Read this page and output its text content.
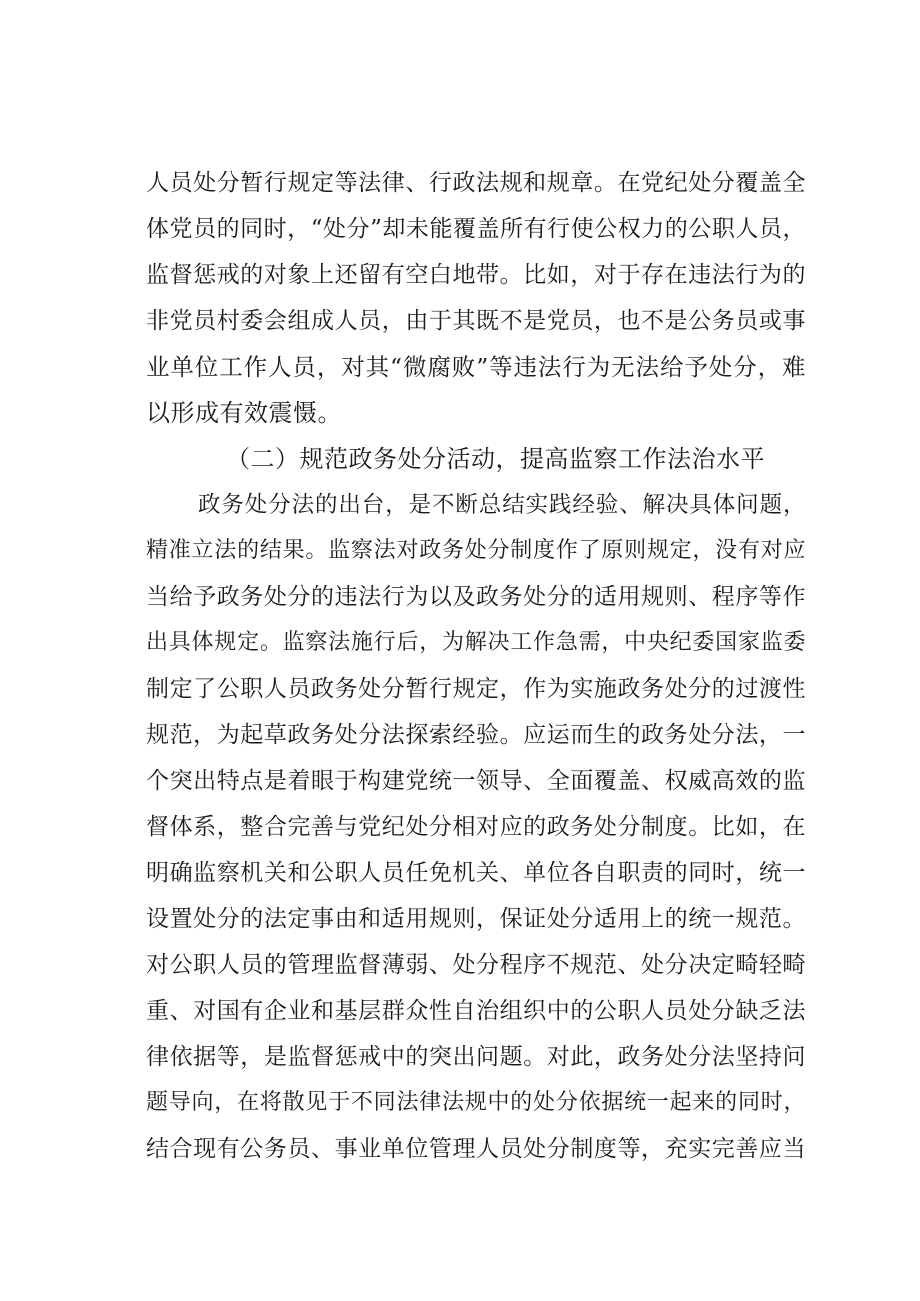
人员处分暂行规定等法律、行政法规和规章。在党纪处分覆盖全
体党员的同时，“处分”却未能覆盖所有行使公权力的公职人员，
监督惩戒的对象上还留有空白地带。比如，对于存在违法行为的
非党员村委会组成人员，由于其既不是党员，也不是公务员或事
业单位工作人员，对其“微腐败”等违法行为无法给予处分，难
以形成有效震慑。
（二）规范政务处分活动，提高监察工作法治水平
政务处分法的出台，是不断总结实践经验、解决具体问题，
精准立法的结果。监察法对政务处分制度作了原则规定，没有对应
当给予政务处分的违法行为以及政务处分的适用规则、程序等作
出具体规定。监察法施行后，为解决工作急需，中央纪委国家监委
制定了公职人员政务处分暂行规定，作为实施政务处分的过渡性
规范，为起草政务处分法探索经验。应运而生的政务处分法，一
个突出特点是着眼于构建党统一领导、全面覆盖、权威高效的监
督体系，整合完善与党纪处分相对应的政务处分制度。比如，在
明确监察机关和公职人员任免机关、单位各自职责的同时，统一
设置处分的法定事由和适用规则，保证处分适用上的统一规范。
对公职人员的管理监督薄弱、处分程序不规范、处分决定畸轻畸
重、对国有企业和基层群众性自治组织中的公职人员处分缺乏法
律依据等，是监督惩戒中的突出问题。对此，政务处分法坚持问
题导向，在将散见于不同法律法规中的处分依据统一起来的同时，
结合现有公务员、事业单位管理人员处分制度等，充实完善应当
